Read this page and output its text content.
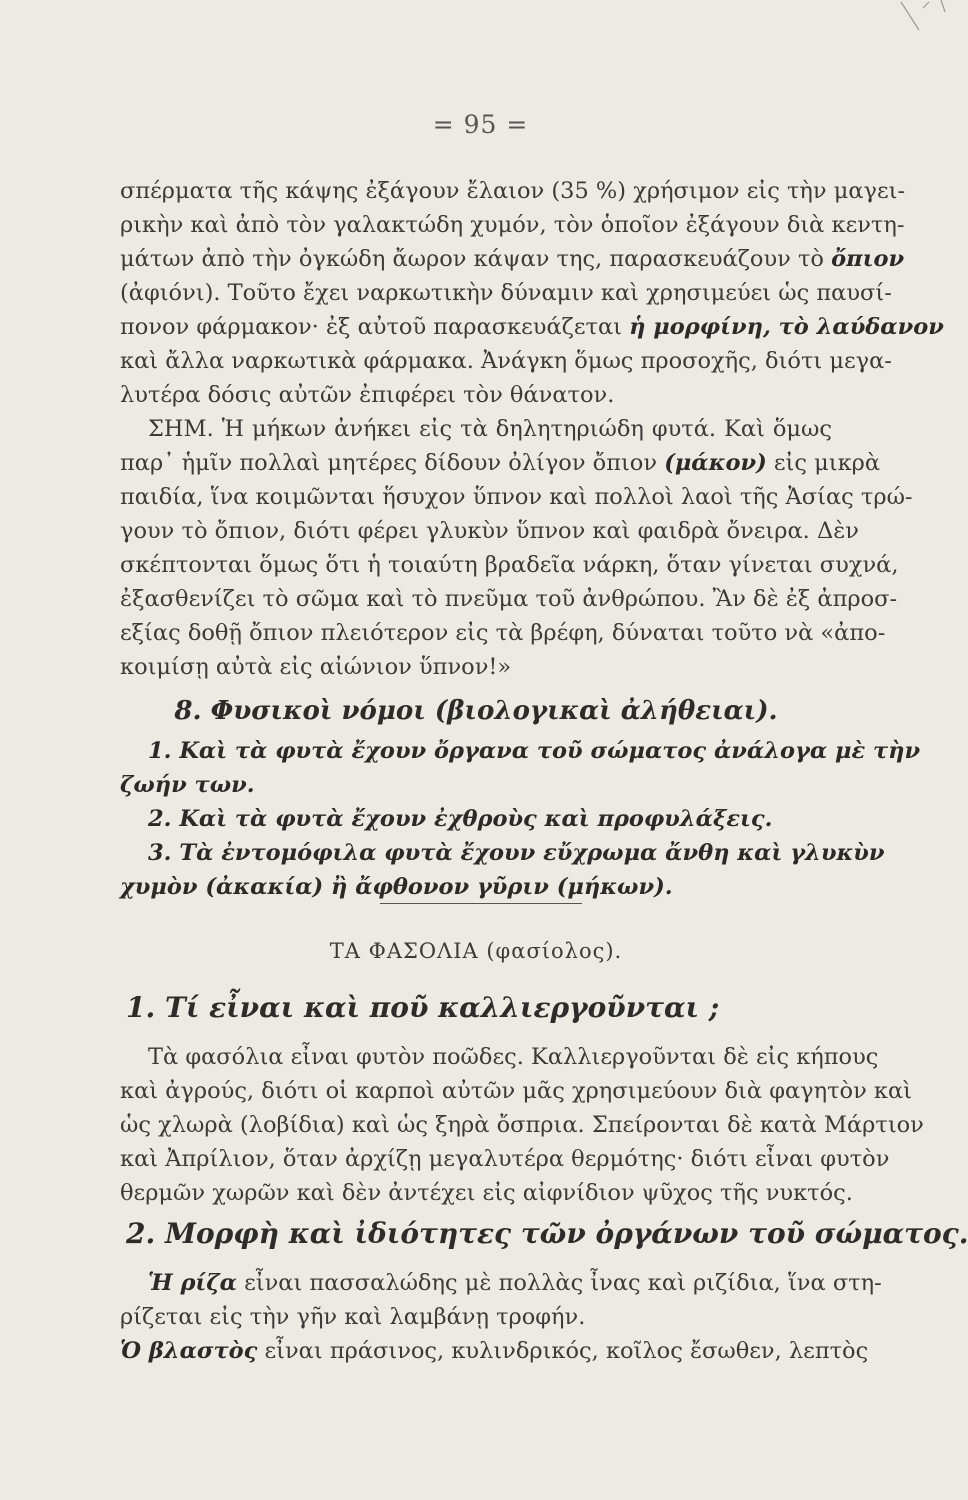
= 95 =
σπέρματα τῆς κάψης ἐξάγουν ἔλαιον (35 %) χρήσιμον εἰς τὴν μαγει-
ρικὴν καὶ ἀπὸ τὸν γαλακτώδη χυμόν, τὸν ὁποῖον ἐξάγουν διὰ κεντη-
μάτων ἀπὸ τὴν ὀγκώδη ἄωρον κάψαν της, παρασκευάζουν τὸ ὄπιον
(ἀφιόνι). Τοῦτο ἔχει ναρκωτικὴν δύναμιν καὶ χρησιμεύει ὡς παυσί-
πονον φάρμακον· ἐξ αὐτοῦ παρασκευάζεται ἡ μορφίνη, τὸ λαύδανον
καὶ ἄλλα ναρκωτικὰ φάρμακα. Ἀνάγκη ὅμως προσοχῆς, διότι μεγα-
λυτέρα δόσις αὐτῶν ἐπιφέρει τὸν θάνατον.
ΣΗΜ. Ἡ μήκων ἀνήκει εἰς τὰ δηλητηριώδη φυτά. Καὶ ὅμως
παρ᾽ ἡμῖν πολλαὶ μητέρες δίδουν ὀλίγον ὄπιον (μάκον) εἰς μικρὰ
παιδία, ἵνα κοιμῶνται ἥσυχον ὕπνον καὶ πολλοὶ λαοὶ τῆς Ἀσίας τρώ-
γουν τὸ ὄπιον, διότι φέρει γλυκὺν ὕπνον καὶ φαιδρὰ ὄνειρα. Δὲν
σκέπτονται ὅμως ὅτι ἡ τοιαύτη βραδεῖα νάρκη, ὅταν γίνεται συχνά,
ἐξασθενίζει τὸ σῶμα καὶ τὸ πνεῦμα τοῦ ἀνθρώπου. Ἂν δὲ ἐξ ἀπροσ-
εξίας δοθῇ ὄπιον πλειότερον εἰς τὰ βρέφη, δύναται τοῦτο νὰ «ἀπο-
κοιμίσῃ αὐτὰ εἰς αἰώνιον ὕπνον!»
8. Φυσικοὶ νόμοι (βιολογικαὶ ἀλήθειαι).
1. Καὶ τὰ φυτὰ ἔχουν ὄργανα τοῦ σώματος ἀνάλογα μὲ τὴν
ζωήν των.
2. Καὶ τὰ φυτὰ ἔχουν ἐχθροὺς καὶ προφυλάξεις.
3. Τὰ ἐντομόφιλα φυτὰ ἔχουν εὔχρωμα ἄνθη καὶ γλυκὺν
χυμὸν (ἀκακία) ἢ ἄφθονον γῦριν (μήκων).
ΤΑ ΦΑΣΟΛΙΑ (φασίολος).
1. Τί εἶναι καὶ ποῦ καλλιεργοῦνται ;
Τὰ φασόλια εἶναι φυτὸν ποῶδες. Καλλιεργοῦνται δὲ εἰς κήπους
καὶ ἀγρούς, διότι οἱ καρποὶ αὐτῶν μᾶς χρησιμεύουν διὰ φαγητὸν καὶ
ὡς χλωρὰ (λοβίδια) καὶ ὡς ξηρὰ ὄσπρια. Σπείρονται δὲ κατὰ Μάρτιον
καὶ Ἀπρίλιον, ὅταν ἀρχίζῃ μεγαλυτέρα θερμότης· διότι εἶναι φυτὸν
θερμῶν χωρῶν καὶ δὲν ἀντέχει εἰς αἰφνίδιον ψῦχος τῆς νυκτός.
2. Μορφὴ καὶ ἰδιότητες τῶν ὀργάνων τοῦ σώματος.
Ἡ ρίζα εἶναι πασσαλώδης μὲ πολλὰς ἶνας καὶ ριζίδια, ἵνα στη-
ρίζεται εἰς τὴν γῆν καὶ λαμβάνῃ τροφήν.
Ὁ βλαστὸς εἶναι πράσινος, κυλινδρικός, κοῖλος ἔσωθεν, λεπτὸς
